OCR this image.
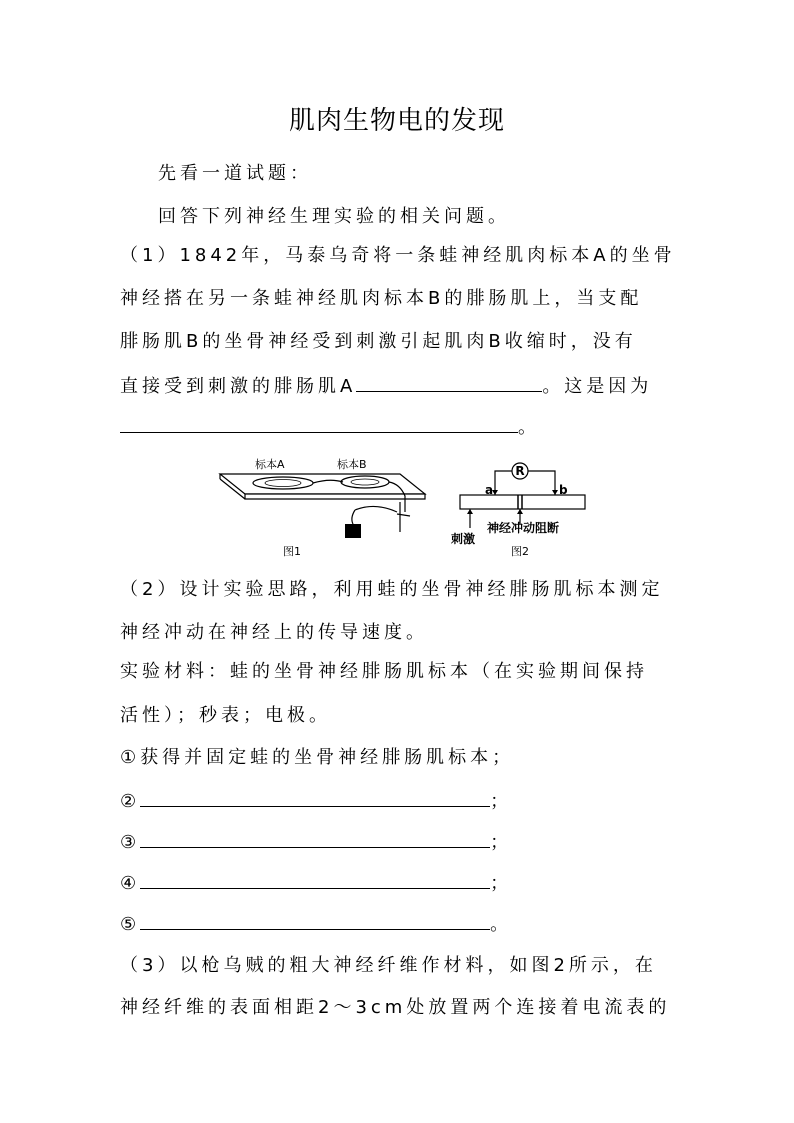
肌肉生物电的发现
先看一道试题：
回答下列神经生理实验的相关问题。
（1）1842年，马泰乌奇将一条蛙神经肌肉标本A的坐骨
神经搭在另一条蛙神经肌肉标本B的腓肠肌上，当支配
腓肠肌B的坐骨神经受到刺激引起肌肉B收缩时，没有
直接受到刺激的腓肠肌A	。这是因为
。
标本A	标本B
图1
R
a	b
神经冲动阻断
刺激
图2
（2）设计实验思路，利用蛙的坐骨神经腓肠肌标本测定
神经冲动在神经上的传导速度。
实验材料：蛙的坐骨神经腓肠肌标本（在实验期间保持
活性）；秒表；电极。
①获得并固定蛙的坐骨神经腓肠肌标本；
②	；
③	；
④	；
⑤	。
（3）以枪乌贼的粗大神经纤维作材料，如图2所示，在
神经纤维的表面相距2～3cm处放置两个连接着电流表的
